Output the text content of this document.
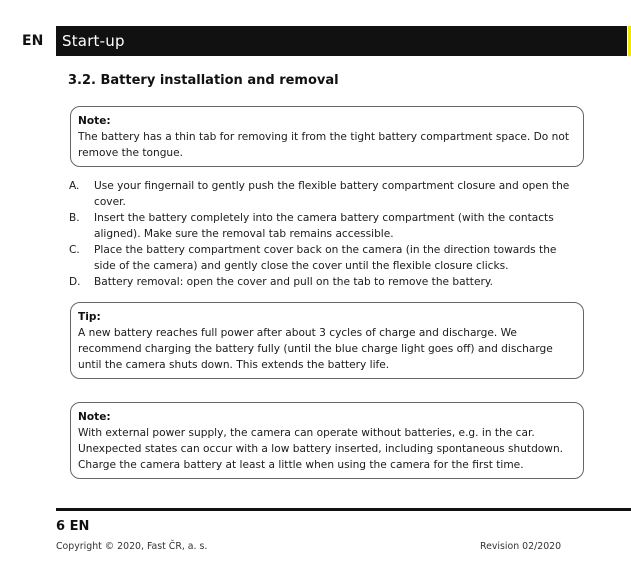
EN	Start-up
3.2. Battery installation and removal
Note:
The battery has a thin tab for removing it from the tight battery compartment space. Do not remove the tongue.
A. Use your fingernail to gently push the flexible battery compartment closure and open the cover.
B. Insert the battery completely into the camera battery compartment (with the contacts aligned). Make sure the removal tab remains accessible.
C. Place the battery compartment cover back on the camera (in the direction towards the side of the camera) and gently close the cover until the flexible closure clicks.
D. Battery removal: open the cover and pull on the tab to remove the battery.
Tip:
A new battery reaches full power after about 3 cycles of charge and discharge. We recommend charging the battery fully (until the blue charge light goes off) and discharge until the camera shuts down. This extends the battery life.
Note:
With external power supply, the camera can operate without batteries, e.g. in the car. Unexpected states can occur with a low battery inserted, including spontaneous shutdown. Charge the camera battery at least a little when using the camera for the first time.
6 EN
Copyright © 2020, Fast ČR, a. s.	Revision 02/2020
